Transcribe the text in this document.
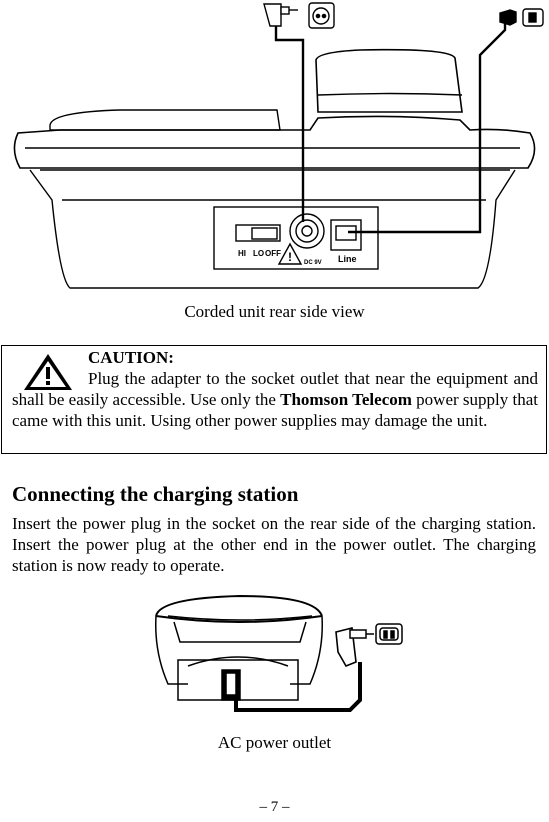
!
HI LO OFF
DC 9V Line
Corded unit rear side view
CAUTION:
Plug the adapter to the socket outlet that near the equipment and shall be easily accessible. Use only the Thomson Telecom power supply that came with this unit. Using other power supplies may damage the unit.
Connecting the charging station
Insert the power plug in the socket on the rear side of the charging station. Insert the power plug at the other end in the power outlet. The charging station is now ready to operate.
AC power outlet
– 7 –
